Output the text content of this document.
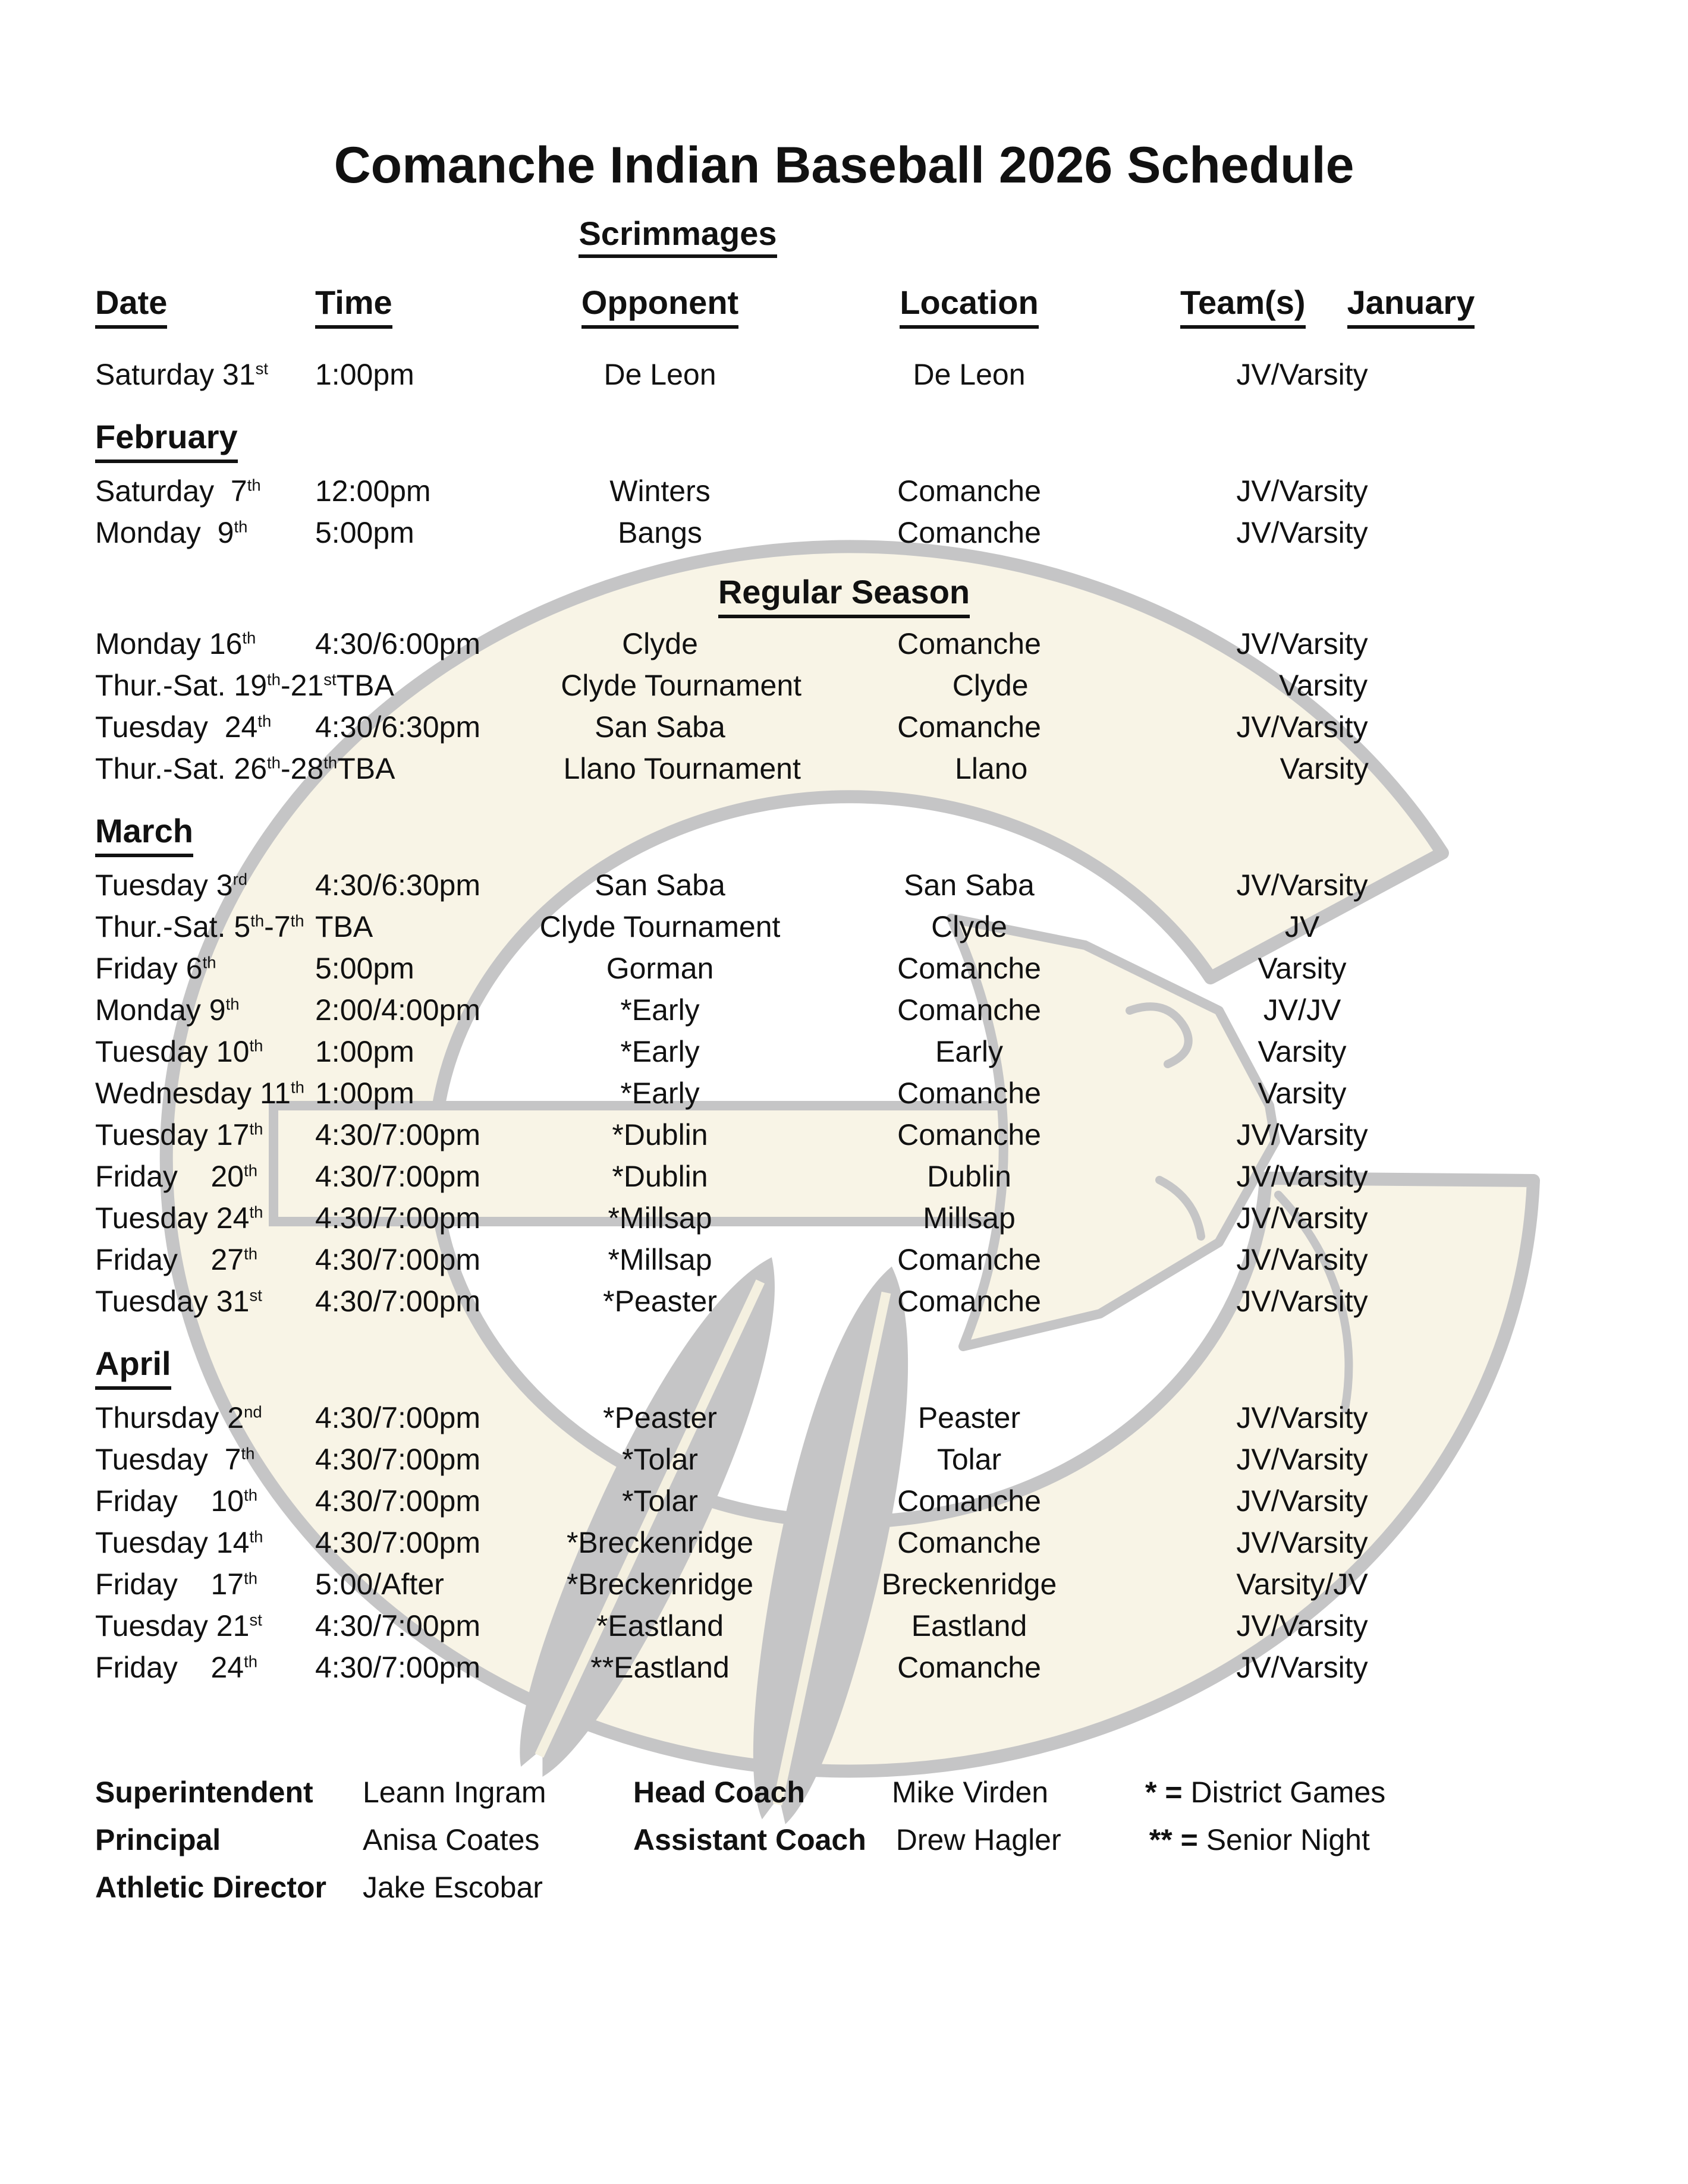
Comanche Indian Baseball 2026 Schedule
Scrimmages
Date	Time	Opponent	Location	Team(s) January
Saturday 31st	1:00pm	De Leon	De Leon	JV/Varsity
February
Saturday  7th	12:00pm	Winters	Comanche	JV/Varsity
Monday  9th	5:00pm	Bangs	Comanche	JV/Varsity
Regular Season
Monday 16th	4:30/6:00pm	Clyde	Comanche	JV/Varsity
Thur.-Sat. 19th-21st TBA	Clyde Tournament	Clyde	Varsity
Tuesday  24th	4:30/6:30pm	San Saba	Comanche	JV/Varsity
Thur.-Sat. 26th-28th TBA	Llano Tournament	Llano	Varsity
March
Tuesday 3rd	4:30/6:30pm	San Saba	San Saba	JV/Varsity
Thur.-Sat. 5th-7th TBA	Clyde Tournament	Clyde	JV
Friday 6th	5:00pm	Gorman	Comanche	Varsity
Monday 9th	2:00/4:00pm	*Early	Comanche	JV/JV
Tuesday 10th	1:00pm	*Early	Early	Varsity
Wednesday 11th 1:00pm	*Early	Comanche	Varsity
Tuesday 17th	4:30/7:00pm	*Dublin	Comanche	JV/Varsity
Friday    20th	4:30/7:00pm	*Dublin	Dublin	JV/Varsity
Tuesday 24th	4:30/7:00pm	*Millsap	Millsap	JV/Varsity
Friday    27th	4:30/7:00pm	*Millsap	Comanche	JV/Varsity
Tuesday 31st	4:30/7:00pm	*Peaster	Comanche	JV/Varsity
April
Thursday 2nd	4:30/7:00pm	*Peaster	Peaster	JV/Varsity
Tuesday  7th	4:30/7:00pm	*Tolar	Tolar	JV/Varsity
Friday    10th	4:30/7:00pm	*Tolar	Comanche	JV/Varsity
Tuesday 14th	4:30/7:00pm	*Breckenridge	Comanche	JV/Varsity
Friday    17th	5:00/After	*Breckenridge	Breckenridge	Varsity/JV
Tuesday 21st	4:30/7:00pm	*Eastland	Eastland	JV/Varsity
Friday    24th	4:30/7:00pm	**Eastland	Comanche	JV/Varsity
Superintendent	Leann Ingram	Head Coach	Mike Virden	* = District Games
Principal	Anisa Coates	Assistant Coach	Drew Hagler	** = Senior Night
Athletic Director	Jake Escobar
